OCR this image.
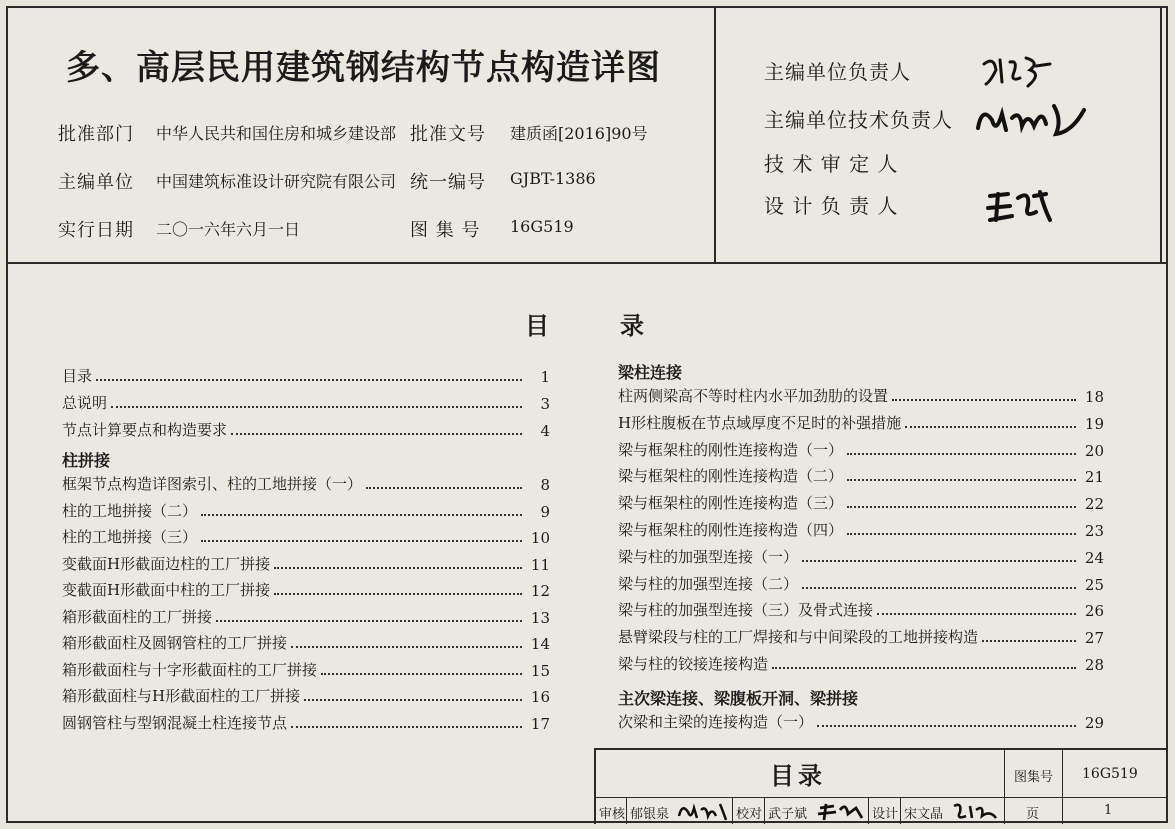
多、高层民用建筑钢结构节点构造详图
批准部门 中华人民共和国住房和城乡建设部 批准文号 建质函[2016]90号
主编单位 中国建筑标准设计研究院有限公司 统一编号 GJBT-1386
实行日期 二〇一六年六月一日	图 集 号 16G519
主编单位负责人
主编单位技术负责人
技 术 审 定 人
设 计 负 责 人
目	录
目录	1
总说明	3
节点计算要点和构造要求	4
柱拼接
框架节点构造详图索引、柱的工地拼接（一）	8
柱的工地拼接（二）	9
柱的工地拼接（三）	10
变截面H形截面边柱的工厂拼接	11
变截面H形截面中柱的工厂拼接	12
箱形截面柱的工厂拼接	13
箱形截面柱及圆钢管柱的工厂拼接	14
箱形截面柱与十字形截面柱的工厂拼接	15
箱形截面柱与H形截面柱的工厂拼接	16
圆钢管柱与型钢混凝土柱连接节点	17
梁柱连接
柱两侧梁高不等时柱内水平加劲肋的设置	18
H形柱腹板在节点域厚度不足时的补强措施	19
梁与框架柱的刚性连接构造（一）	20
梁与框架柱的刚性连接构造（二）	21
梁与框架柱的刚性连接构造（三）	22
梁与框架柱的刚性连接构造（四）	23
梁与柱的加强型连接（一）	24
梁与柱的加强型连接（二）	25
梁与柱的加强型连接（三）及骨式连接	26
悬臂梁段与柱的工厂焊接和与中间梁段的工地拼接构造	27
梁与柱的铰接连接构造	28
主次梁连接、梁腹板开洞、梁拼接
次梁和主梁的连接构造（一）	29
目录	图集号 16G519
审核 郁银泉	校对 武子斌	设计 宋文晶	页	1
